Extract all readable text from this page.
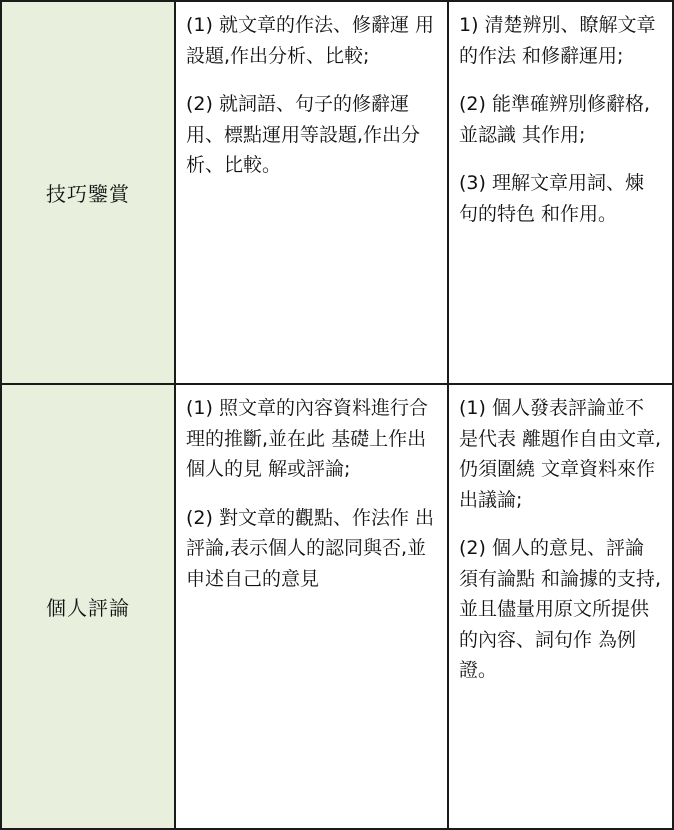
技巧鑒賞

(1) 就文章的作法、修辭運 用設題,作出分析、比較;

(2) 就詞語、句子的修辭運 用、標點運用等設題,作出分析、比較。

1) 清楚辨別、瞭解文章的作法 和修辭運用;

(2) 能準確辨別修辭格,並認識 其作用;

(3) 理解文章用詞、煉句的特色 和作用。

個人評論

(1) 照文章的內容資料進行合理的推斷,並在此 基礎上作出個人的見 解或評論;

(2) 對文章的觀點、作法作 出評論,表示個人的認同與否,並申述自己的意見

(1) 個人發表評論並不是代表 離題作自由文章,仍須圍繞 文章資料來作出議論;

(2) 個人的意見、評論須有論點 和論據的支持,並且儘量用原文所提供的內容、詞句作 為例證。
